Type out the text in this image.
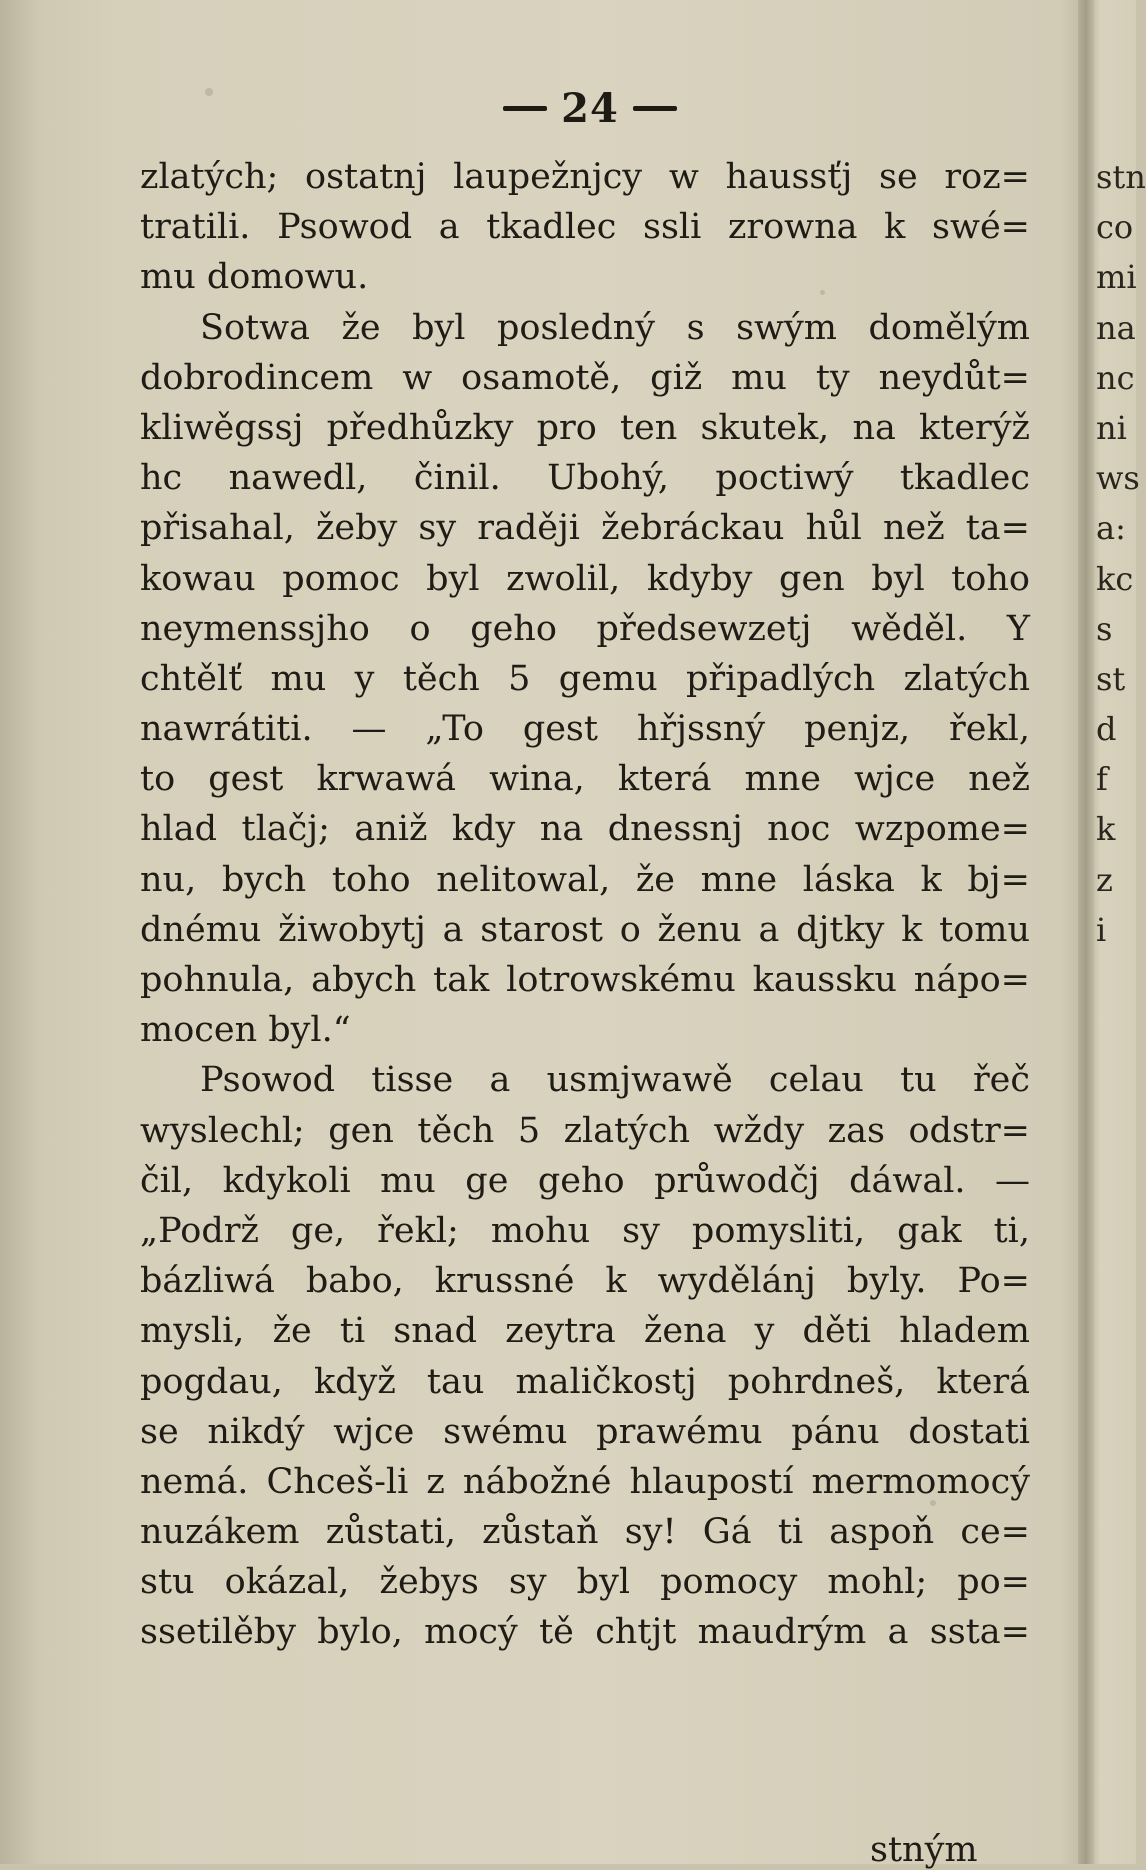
24
zlatých; ostatnj laupežnjcy w haussťj se roz=
tratili. Psowod a tkadlec ssli zrowna k swé=
mu domowu.
Sotwa že byl posledný s swým domělým
dobrodincem w osamotě, giž mu ty neydůt=
kliwěgssj předhůzky pro ten skutek, na kterýž
hc nawedl, činil. Ubohý, poctiwý tkadlec
přisahal, žeby sy raději žebráckau hůl než ta=
kowau pomoc byl zwolil, kdyby gen byl toho
neymenssjho o geho předsewzetj wěděl. Y
chtělť mu y těch 5 gemu připadlých zlatých
nawrátiti. — „To gest hřjssný penjz, řekl,
to gest krwawá wina, která mne wjce než
hlad tlačj; aniž kdy na dnessnj noc wzpome=
nu, bych toho nelitowal, že mne láska k bj=
dnému žiwobytj a starost o ženu a djtky k tomu
pohnula, abych tak lotrowskému kaussku nápo=
mocen byl.“
Psowod tisse a usmjwawě celau tu řeč
wyslechl; gen těch 5 zlatých wždy zas odstr=
čil, kdykoli mu ge geho průwodčj dáwal. —
„Podrž ge, řekl; mohu sy pomysliti, gak ti,
bázliwá babo, krussné k wydělánj byly. Po=
mysli, že ti snad zeytra žena y děti hladem
pogdau, když tau maličkostj pohrdneš, která
se nikdý wjce swému prawému pánu dostati
nemá. Chceš-li z nábožné hlaupostí mermomocý
nuzákem zůstati, zůstaň sy! Gá ti aspoň ce=
stu okázal, žebys sy byl pomocy mohl; po=
ssetilěby bylo, mocý tě chtjt maudrým a ssta=
stným
stn
co
mi
na
nc
ni
ws
a:
kc
s
st
d
f
k
z
i
